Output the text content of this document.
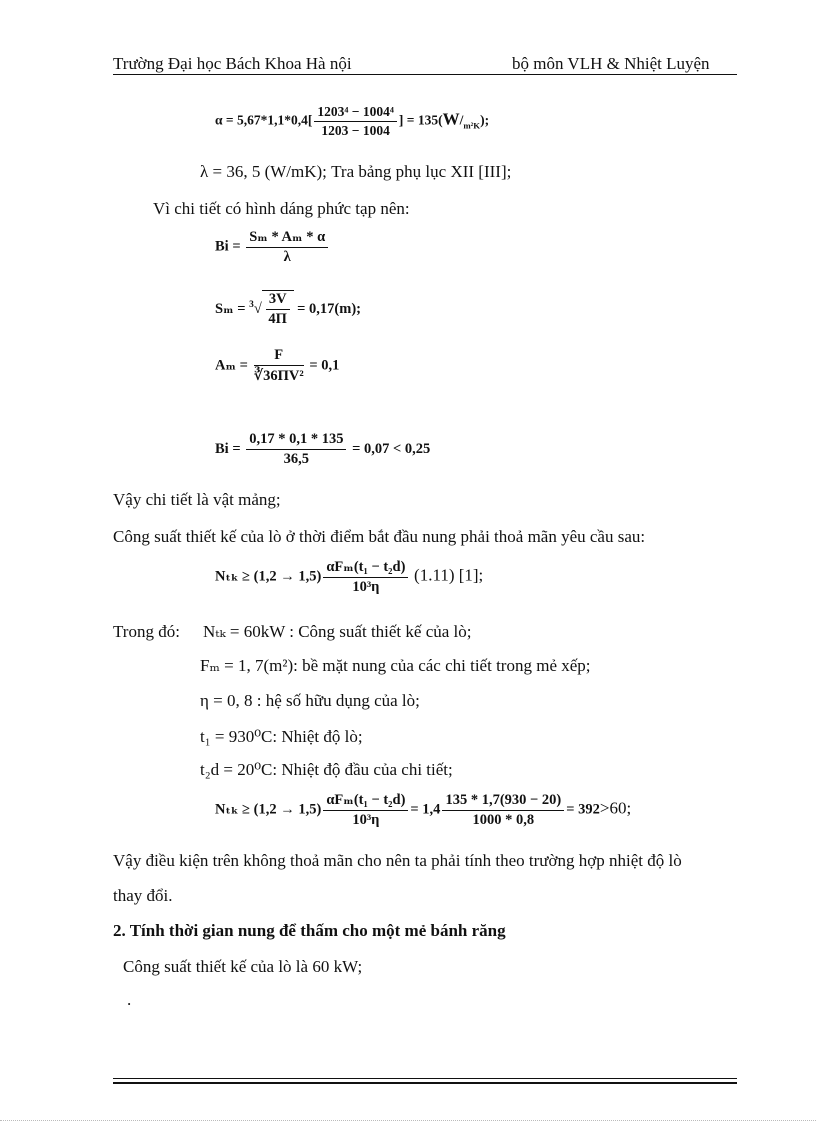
Trường Đại học Bách Khoa Hà nội	bộ môn VLH & Nhiệt Luyện
$\alpha = 5,67*1,1*0,4[ \frac{\text{1203⁴ − 1004⁴}}{1203 - 1004}$ ] = $135(W/_{m^2K})$;
λ = 36, 5 (W/mK); Tra bảng phụ lục XII [III];
Vì chi tiết có hình dáng phức tạp nên:
$Bi = \frac{\text{Sₘ * Aₘ * α}}{\lambda}$
$S_m = ^3√ \frac{3V}{4\Pi} = 0,17(m)$;
$A_m = \frac{F}{\text{∛36ΠV²}} = 0,1$
$Bi = \frac{0,17 * 0,1 * 135}{36,5} = 0,07 < 0,25$
Vậy chi tiết là vật mảng;
Công suất thiết kế của lò ở thời điểm bắt đầu nung phải thoả mãn yêu cầu sau:
$N_{tk} \ge (1,2 \to 1,5) \frac{\text{αFₘ(t₁ − t₂d)}}{\text{10³η}} (1.11)$ [1];
Trong đó: Nₜₖ = 60kW : Công suất thiết kế của lò;
Fₘ = 1, 7(m²): bề mặt nung của các chi tiết trong mẻ xếp;
η = 0, 8 : hệ số hữu dụng của lò;
t₁ = 930⁰C: Nhiệt độ lò;
t₂d = 20⁰C: Nhiệt độ đầu của chi tiết;
$N_{tk} \ge (1,2 \to 1,5) \frac{\text{αFₘ(t₁ − t₂d)}}{\text{10³η}} = 1,4 \frac{135 * 1,7(930 - 20)}{1000 * 0,8} = 392>60$;
Vậy điều kiện trên không thoả mãn cho nên ta phải tính theo trường hợp nhiệt độ lò
thay đổi.
2. Tính thời gian nung để thấm cho một mẻ bánh răng
Công suất thiết kế của lò là 60 kW;
.
